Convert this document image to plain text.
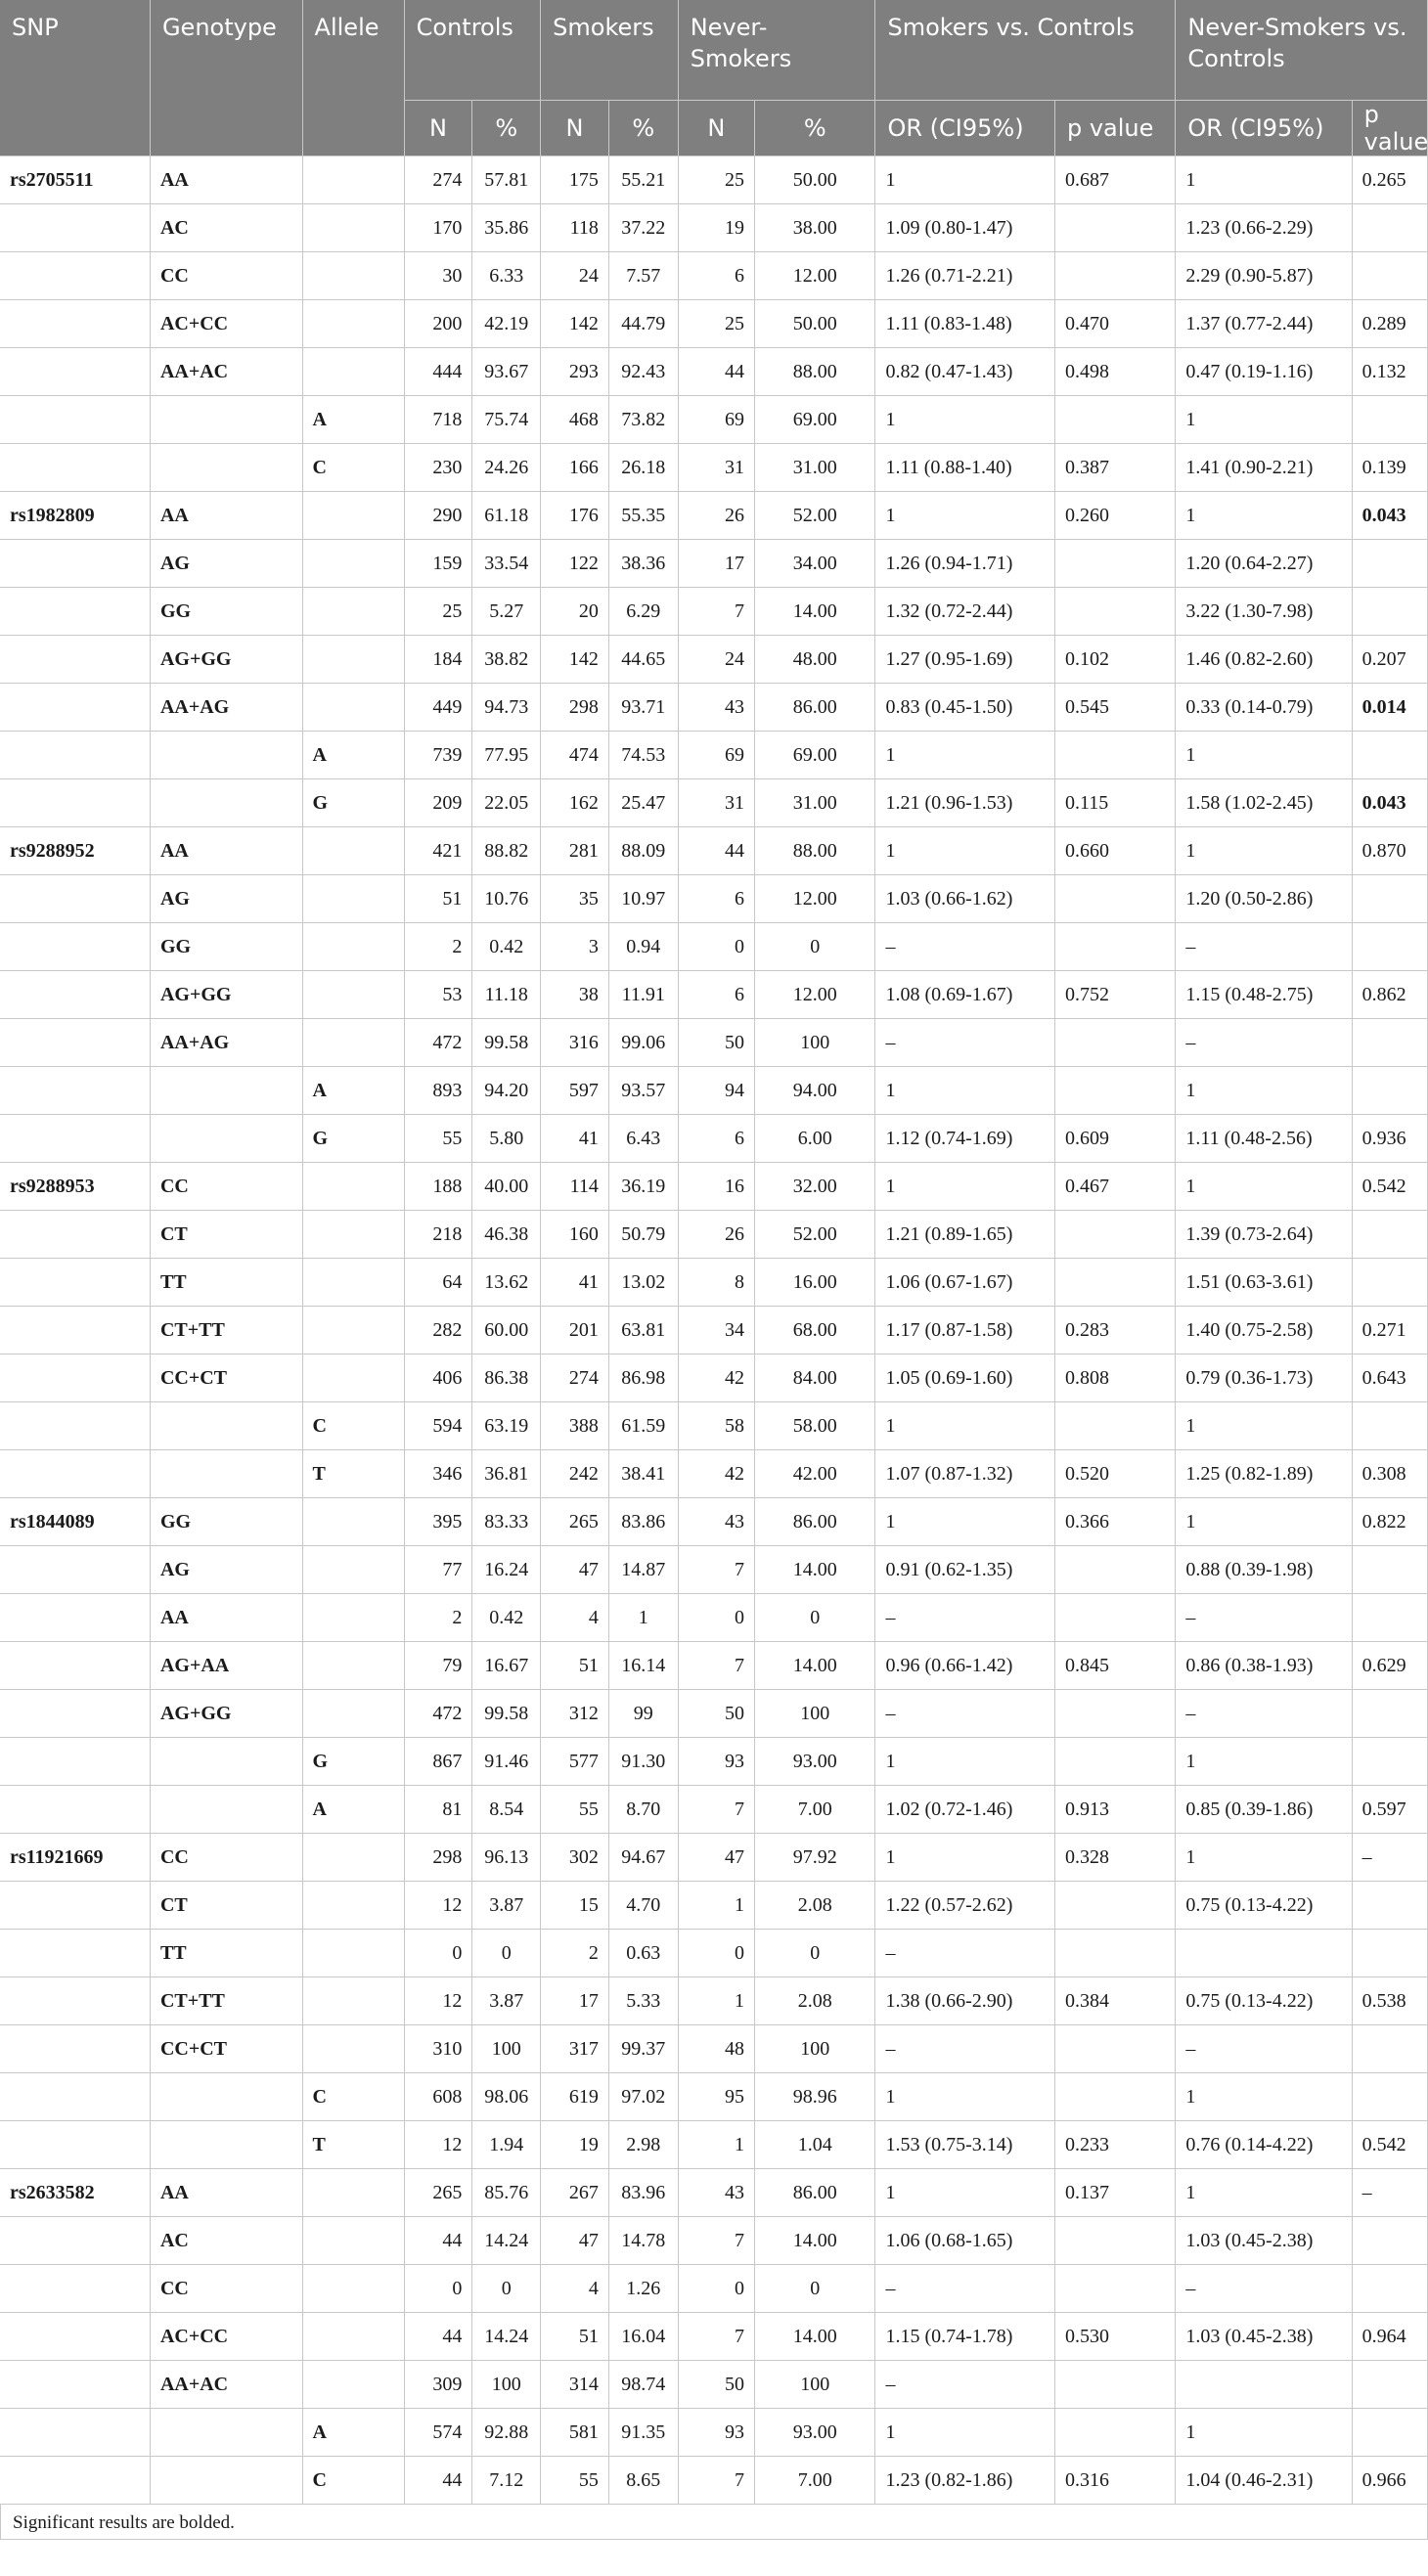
SNP	Genotype	Allele	Controls		Smokers		Never-Smokers		Smokers vs. Controls		Never-Smokers vs. Controls	
			N	%	N	%	N	%	OR (CI95%)	p value	OR (CI95%)	p value
rs2705511	AA		274	57.81	175	55.21	25	50.00	1	0.687	1	0.265
	AC		170	35.86	118	37.22	19	38.00	1.09 (0.80-1.47)		1.23 (0.66-2.29)	
	CC		30	6.33	24	7.57	6	12.00	1.26 (0.71-2.21)		2.29 (0.90-5.87)	
	AC+CC		200	42.19	142	44.79	25	50.00	1.11 (0.83-1.48)	0.470	1.37 (0.77-2.44)	0.289
	AA+AC		444	93.67	293	92.43	44	88.00	0.82 (0.47-1.43)	0.498	0.47 (0.19-1.16)	0.132
		A	718	75.74	468	73.82	69	69.00	1		1	
		C	230	24.26	166	26.18	31	31.00	1.11 (0.88-1.40)	0.387	1.41 (0.90-2.21)	0.139
rs1982809	AA		290	61.18	176	55.35	26	52.00	1	0.260	1	0.043
	AG		159	33.54	122	38.36	17	34.00	1.26 (0.94-1.71)		1.20 (0.64-2.27)	
	GG		25	5.27	20	6.29	7	14.00	1.32 (0.72-2.44)		3.22 (1.30-7.98)	
	AG+GG		184	38.82	142	44.65	24	48.00	1.27 (0.95-1.69)	0.102	1.46 (0.82-2.60)	0.207
	AA+AG		449	94.73	298	93.71	43	86.00	0.83 (0.45-1.50)	0.545	0.33 (0.14-0.79)	0.014
		A	739	77.95	474	74.53	69	69.00	1		1	
		G	209	22.05	162	25.47	31	31.00	1.21 (0.96-1.53)	0.115	1.58 (1.02-2.45)	0.043
rs9288952	AA		421	88.82	281	88.09	44	88.00	1	0.660	1	0.870
	AG		51	10.76	35	10.97	6	12.00	1.03 (0.66-1.62)		1.20 (0.50-2.86)	
	GG		2	0.42	3	0.94	0	0	–		–	
	AG+GG		53	11.18	38	11.91	6	12.00	1.08 (0.69-1.67)	0.752	1.15 (0.48-2.75)	0.862
	AA+AG		472	99.58	316	99.06	50	100	–		–	
		A	893	94.20	597	93.57	94	94.00	1		1	
		G	55	5.80	41	6.43	6	6.00	1.12 (0.74-1.69)	0.609	1.11 (0.48-2.56)	0.936
rs9288953	CC		188	40.00	114	36.19	16	32.00	1	0.467	1	0.542
	CT		218	46.38	160	50.79	26	52.00	1.21 (0.89-1.65)		1.39 (0.73-2.64)	
	TT		64	13.62	41	13.02	8	16.00	1.06 (0.67-1.67)		1.51 (0.63-3.61)	
	CT+TT		282	60.00	201	63.81	34	68.00	1.17 (0.87-1.58)	0.283	1.40 (0.75-2.58)	0.271
	CC+CT		406	86.38	274	86.98	42	84.00	1.05 (0.69-1.60)	0.808	0.79 (0.36-1.73)	0.643
		C	594	63.19	388	61.59	58	58.00	1		1	
		T	346	36.81	242	38.41	42	42.00	1.07 (0.87-1.32)	0.520	1.25 (0.82-1.89)	0.308
rs1844089	GG		395	83.33	265	83.86	43	86.00	1	0.366	1	0.822
	AG		77	16.24	47	14.87	7	14.00	0.91 (0.62-1.35)		0.88 (0.39-1.98)	
	AA		2	0.42	4	1	0	0	–		–	
	AG+AA		79	16.67	51	16.14	7	14.00	0.96 (0.66-1.42)	0.845	0.86 (0.38-1.93)	0.629
	AG+GG		472	99.58	312	99	50	100	–		–	
		G	867	91.46	577	91.30	93	93.00	1		1	
		A	81	8.54	55	8.70	7	7.00	1.02 (0.72-1.46)	0.913	0.85 (0.39-1.86)	0.597
rs11921669	CC		298	96.13	302	94.67	47	97.92	1	0.328	1	–
	CT		12	3.87	15	4.70	1	2.08	1.22 (0.57-2.62)		0.75 (0.13-4.22)	
	TT		0	0	2	0.63	0	0	–			
	CT+TT		12	3.87	17	5.33	1	2.08	1.38 (0.66-2.90)	0.384	0.75 (0.13-4.22)	0.538
	CC+CT		310	100	317	99.37	48	100	–		–	
		C	608	98.06	619	97.02	95	98.96	1		1	
		T	12	1.94	19	2.98	1	1.04	1.53 (0.75-3.14)	0.233	0.76 (0.14-4.22)	0.542
rs2633582	AA		265	85.76	267	83.96	43	86.00	1	0.137	1	–
	AC		44	14.24	47	14.78	7	14.00	1.06 (0.68-1.65)		1.03 (0.45-2.38)	
	CC		0	0	4	1.26	0	0	–		–	
	AC+CC		44	14.24	51	16.04	7	14.00	1.15 (0.74-1.78)	0.530	1.03 (0.45-2.38)	0.964
	AA+AC		309	100	314	98.74	50	100	–			
		A	574	92.88	581	91.35	93	93.00	1		1	
		C	44	7.12	55	8.65	7	7.00	1.23 (0.82-1.86)	0.316	1.04 (0.46-2.31)	0.966
Significant results are bolded.
